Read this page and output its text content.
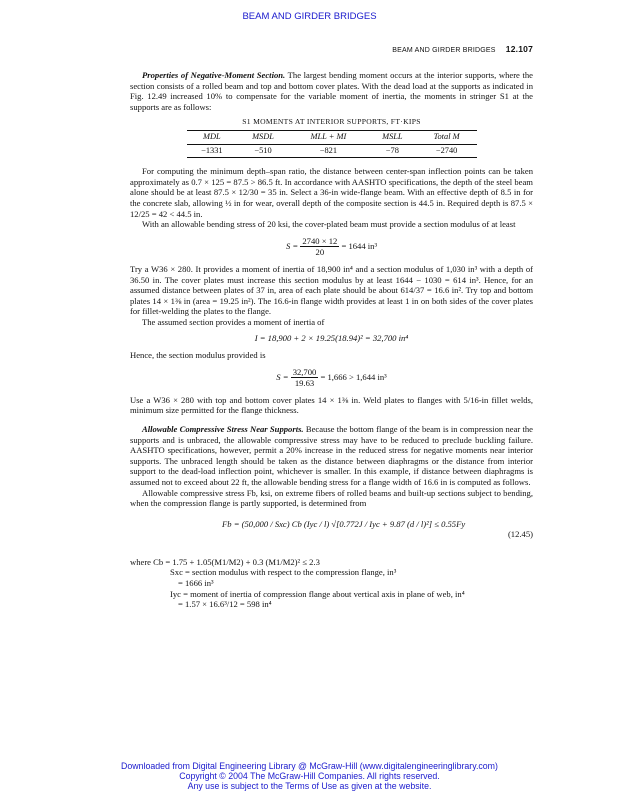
BEAM AND GIRDER BRIDGES
BEAM AND GIRDER BRIDGES 12.107

Properties of Negative-Moment Section. The largest bending moment occurs at the interior supports, where the section consists of a rolled beam and top and bottom cover plates. With the dead load at the supports as indicated in Fig. 12.49 increased 10% to compensate for the variable moment of inertia, the moments in stringer S1 at the supports are as follows:

S1 MOMENTS AT INTERIOR SUPPORTS, FT·KIPS
MDL	MSDL	MLL + MI	MSLL	Total M
−1331	−510	−821	−78	−2740

For computing the minimum depth–span ratio, the distance between center-span inflection points can be taken approximately as 0.7 × 125 = 87.5 > 86.5 ft. In accordance with AASHTO specifications, the depth of the steel beam alone should be at least 87.5 × 12/30 = 35 in. Select a 36-in wide-flange beam. With an effective depth of 8.5 in for the concrete slab, allowing ½ in for wear, overall depth of the composite section is 44.5 in. Required depth is 87.5 × 12/25 = 42 < 44.5 in.

With an allowable bending stress of 20 ksi, the cover-plated beam must provide a section modulus of at least

$S = \frac{2740 \times 12}{20} = 1644$ in³

Try a W36 × 280. It provides a moment of inertia of 18,900 in⁴ and a section modulus of 1,030 in³ with a depth of 36.50 in. The cover plates must increase this section modulus by at least 1644 − 1030 = 614 in³. Hence, for an assumed distance between plates of 37 in, area of each plate should be about 614/37 = 16.6 in². Try top and bottom plates 14 × 1⅜ in (area = 19.25 in²). The 16.6-in flange width provides at least 1 in on both sides of the cover plates for fillet-welding the plates to the flange.

The assumed section provides a moment of inertia of

I = 18,900 + 2 × 19.25(18.94)² = 32,700 in⁴

Hence, the section modulus provided is

$S = \frac{32,700}{19.63} = 1,666 > 1,644$ in³

Use a W36 × 280 with top and bottom cover plates 14 × 1⅜ in. Weld plates to flanges with 5/16-in fillet welds, minimum size permitted for the flange thickness.

Allowable Compressive Stress Near Supports. Because the bottom flange of the beam is in compression near the supports and is unbraced, the allowable compressive stress may have to be reduced to preclude buckling failure. AASHTO specifications, however, permit a 20% increase in the reduced stress for negative moments near interior supports. The unbraced length should be taken as the distance between diaphragms or the distance from interior support to the dead-load inflection point, whichever is smaller. In this example, if distance between diaphragms is assumed not to exceed about 22 ft, the allowable bending stress for a flange width of 16.6 in is computed as follows.

Allowable compressive stress Fb, ksi, on extreme fibers of rolled beams and built-up sections subject to bending, when the compression flange is partly supported, is determined from

Fb = (50,000 / Sxc) Cb (Iyc / l) √[0.772J / Iyc + 9.87 (d / l)²] ≤ 0.55Fy
(12.45)
where Cb = 1.75 + 1.05(M1/M2) + 0.3 (M1/M2)² ≤ 2.3
Sxc = section modulus with respect to the compression flange, in³
= 1666 in³
Iyc = moment of inertia of compression flange about vertical axis in plane of web, in⁴
= 1.57 × 16.6³/12 = 598 in⁴
Downloaded from Digital Engineering Library @ McGraw-Hill (www.digitalengineeringlibrary.com)
Copyright © 2004 The McGraw-Hill Companies. All rights reserved.
Any use is subject to the Terms of Use as given at the website.
